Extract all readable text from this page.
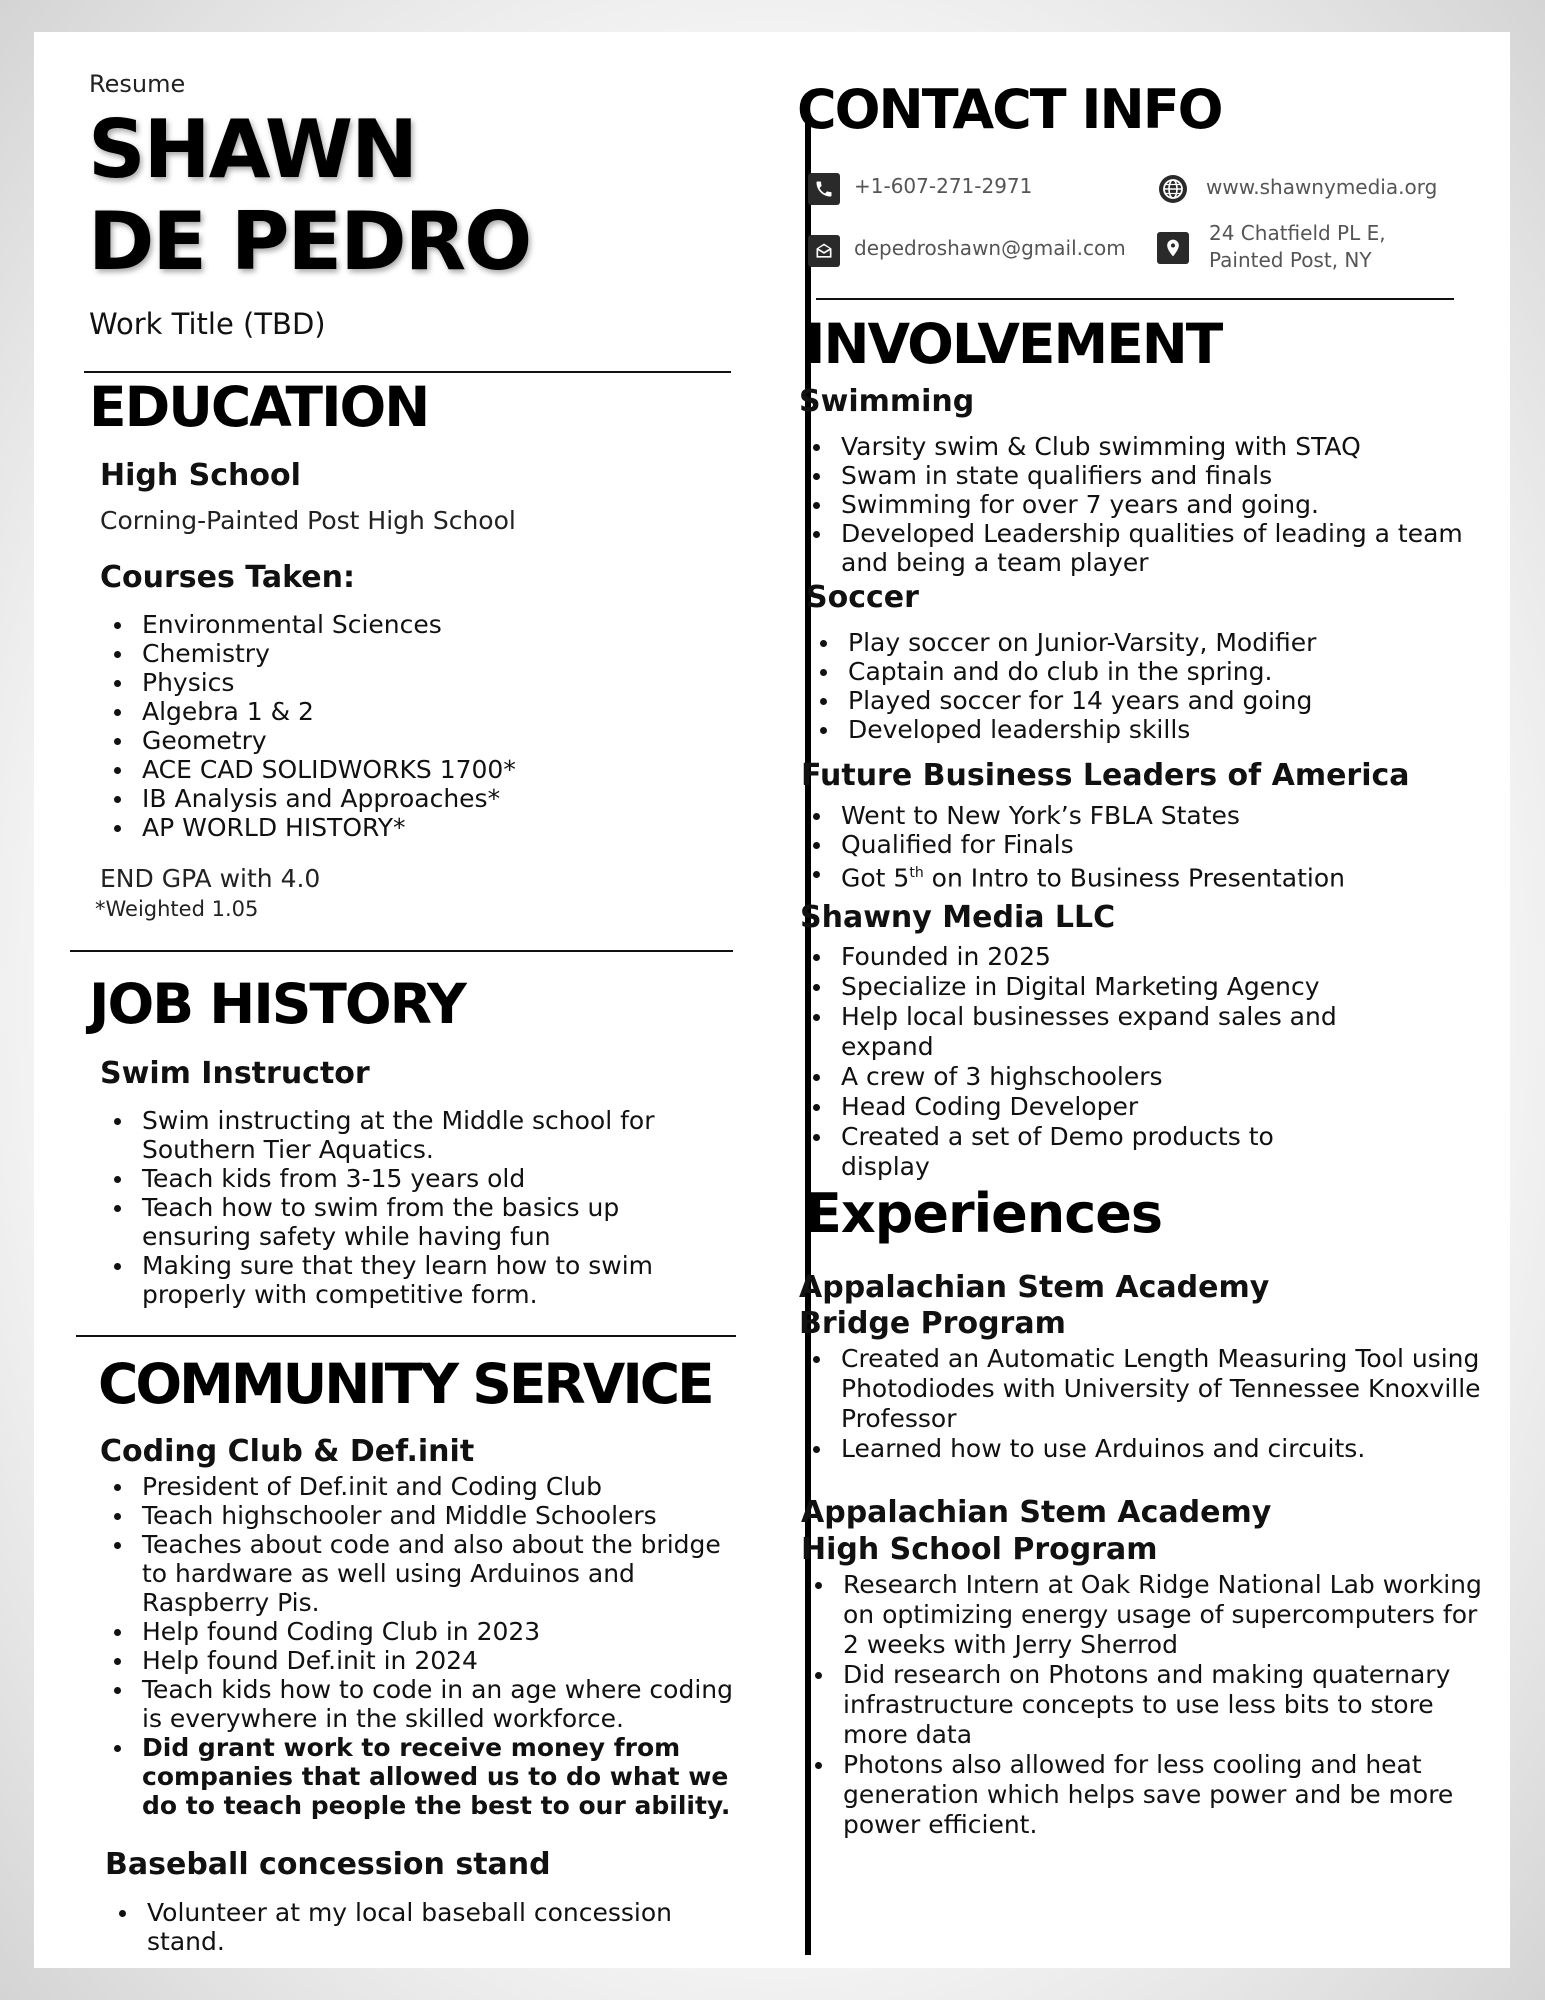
Resume
SHAWN
DE PEDRO
Work Title (TBD)
EDUCATION
High School
Corning-Painted Post High School
Courses Taken:
Environmental Sciences
Chemistry
Physics
Algebra 1 & 2
Geometry
ACE CAD SOLIDWORKS 1700*
IB Analysis and Approaches*
AP WORLD HISTORY*
END GPA with 4.0
*Weighted 1.05
JOB HISTORY
Swim Instructor
Swim instructing at the Middle school for Southern Tier Aquatics.
Teach kids from 3-15 years old
Teach how to swim from the basics up ensuring safety while having fun
Making sure that they learn how to swim properly with competitive form.
COMMUNITY SERVICE
Coding Club & Def.init
President of Def.init and Coding Club
Teach highschooler and Middle Schoolers
Teaches about code and also about the bridge to hardware as well using Arduinos and Raspberry Pis.
Help found Coding Club in 2023
Help found Def.init in 2024
Teach kids how to code in an age where coding is everywhere in the skilled workforce.
Did grant work to receive money from companies that allowed us to do what we do to teach people the best to our ability.
Baseball concession stand
Volunteer at my local baseball concession stand.
CONTACT INFO
+1-607-271-2971
depedroshawn@gmail.com
www.shawnymedia.org
24 Chatfield PL E,
Painted Post, NY
INVOLVEMENT
Swimming
Varsity swim & Club swimming with STAQ
Swam in state qualifiers and finals
Swimming for over 7 years and going.
Developed Leadership qualities of leading a team and being a team player
Soccer
Play soccer on Junior-Varsity, Modifier
Captain and do club in the spring.
Played soccer for 14 years and going
Developed leadership skills
Future Business Leaders of America
Went to New York’s FBLA States
Qualified for Finals
Got 5th on Intro to Business Presentation
Shawny Media LLC
Founded in 2025
Specialize in Digital Marketing Agency
Help local businesses expand sales and expand
A crew of 3 highschoolers
Head Coding Developer
Created a set of Demo products to display
Experiences
Appalachian Stem Academy
Bridge Program
Created an Automatic Length Measuring Tool using Photodiodes with University of Tennessee Knoxville Professor
Learned how to use Arduinos and circuits.
Appalachian Stem Academy
High School Program
Research Intern at Oak Ridge National Lab working on optimizing energy usage of supercomputers for 2 weeks with Jerry Sherrod
Did research on Photons and making quaternary infrastructure concepts to use less bits to store more data
Photons also allowed for less cooling and heat generation which helps save power and be more power efficient.
